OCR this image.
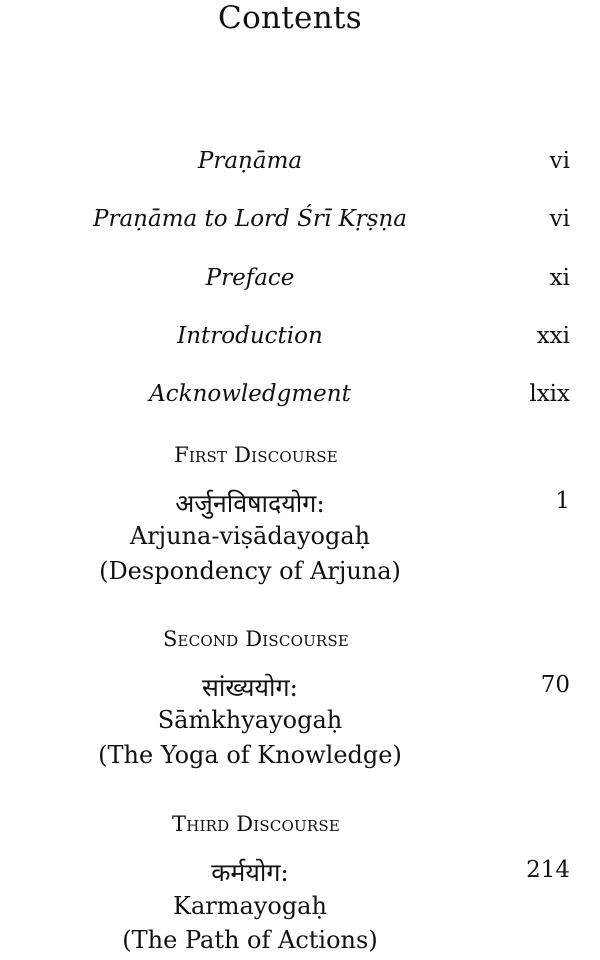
Contents
Praṇāma	vi
Praṇāma to Lord Śrī Kṛṣṇa	vi
Preface	xi
Introduction	xxi
Acknowledgment	lxix
First Discourse
अर्जुनविषादयोग:	1
Arjuna-viṣādayogaḥ
(Despondency of Arjuna)
Second Discourse
सांख्ययोग:	70
Sāṁkhyayogaḥ
(The Yoga of Knowledge)
Third Discourse
कर्मयोग:	214
Karmayogaḥ
(The Path of Actions)
